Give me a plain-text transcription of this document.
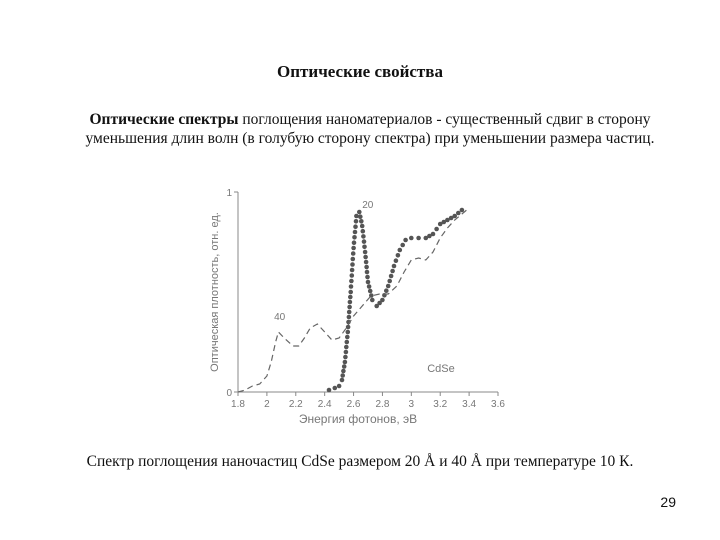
Оптические свойства
Оптические спектры поглощения наноматериалов - существенный сдвиг в сторону уменьшения длин волн (в голубую сторону спектра) при уменьшении размера частиц.
1.8 2 2.2 2.4 2.6 2.8 3 3.2 3.4 3.6
0
1
Энергия фотонов, эВ
Оптическая плотность, отн. ед.
20
40
CdSe
Спектр поглощения наночастиц CdSe размером 20 Å и 40 Å при температуре 10 К.
29
